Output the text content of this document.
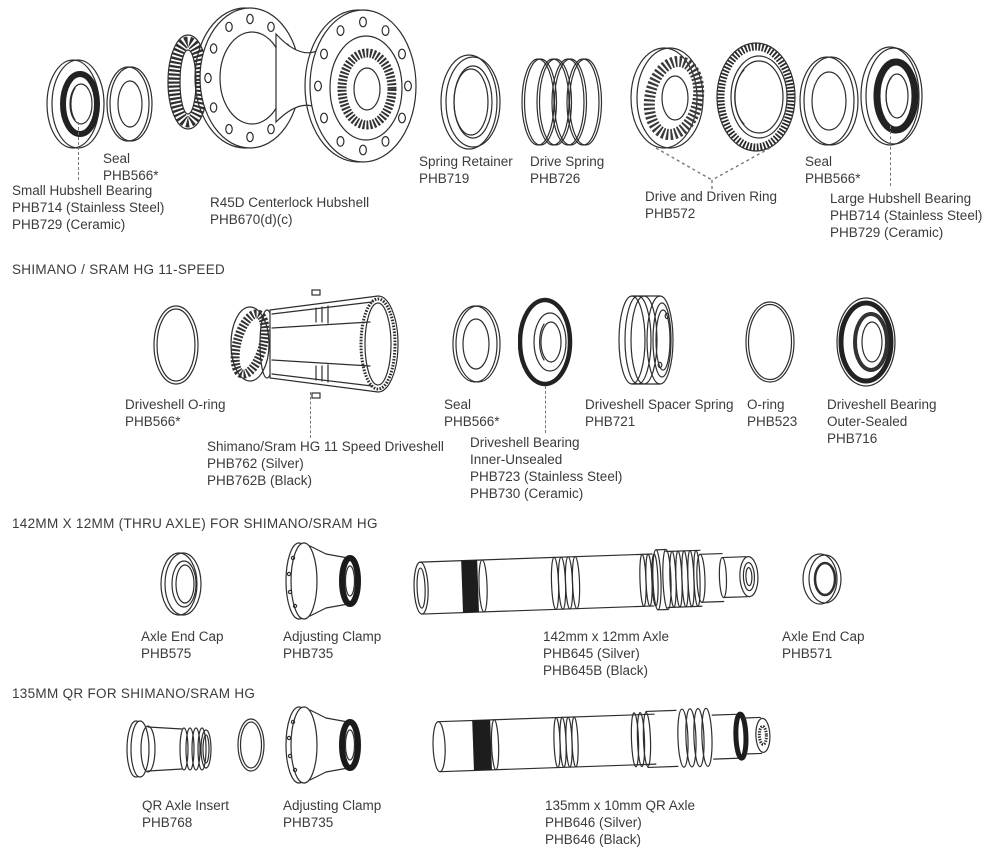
Seal
PHB566*
Small Hubshell Bearing
PHB714 (Stainless Steel)
PHB729 (Ceramic)
R45D Centerlock Hubshell
PHB670(d)(c)
Spring Retainer
PHB719
Drive Spring
PHB726
Drive and Driven Ring
PHB572
Seal
PHB566*
Large Hubshell Bearing
PHB714 (Stainless Steel)
PHB729 (Ceramic)
SHIMANO / SRAM HG 11-SPEED
Driveshell O-ring
PHB566*
Shimano/Sram HG 11 Speed Driveshell
PHB762 (Silver)
PHB762B (Black)
Seal
PHB566*
Driveshell Bearing
Inner-Unsealed
PHB723 (Stainless Steel)
PHB730 (Ceramic)
Driveshell Spacer Spring
PHB721
O-ring
PHB523
Driveshell Bearing
Outer-Sealed
PHB716
142MM X 12MM (THRU AXLE) FOR SHIMANO/SRAM HG
Axle End Cap
PHB575
Adjusting Clamp
PHB735
142mm x 12mm Axle
PHB645 (Silver)
PHB645B (Black)
Axle End Cap
PHB571
135MM QR FOR SHIMANO/SRAM HG
QR Axle Insert
PHB768
Adjusting Clamp
PHB735
135mm x 10mm QR Axle
PHB646 (Silver)
PHB646 (Black)
